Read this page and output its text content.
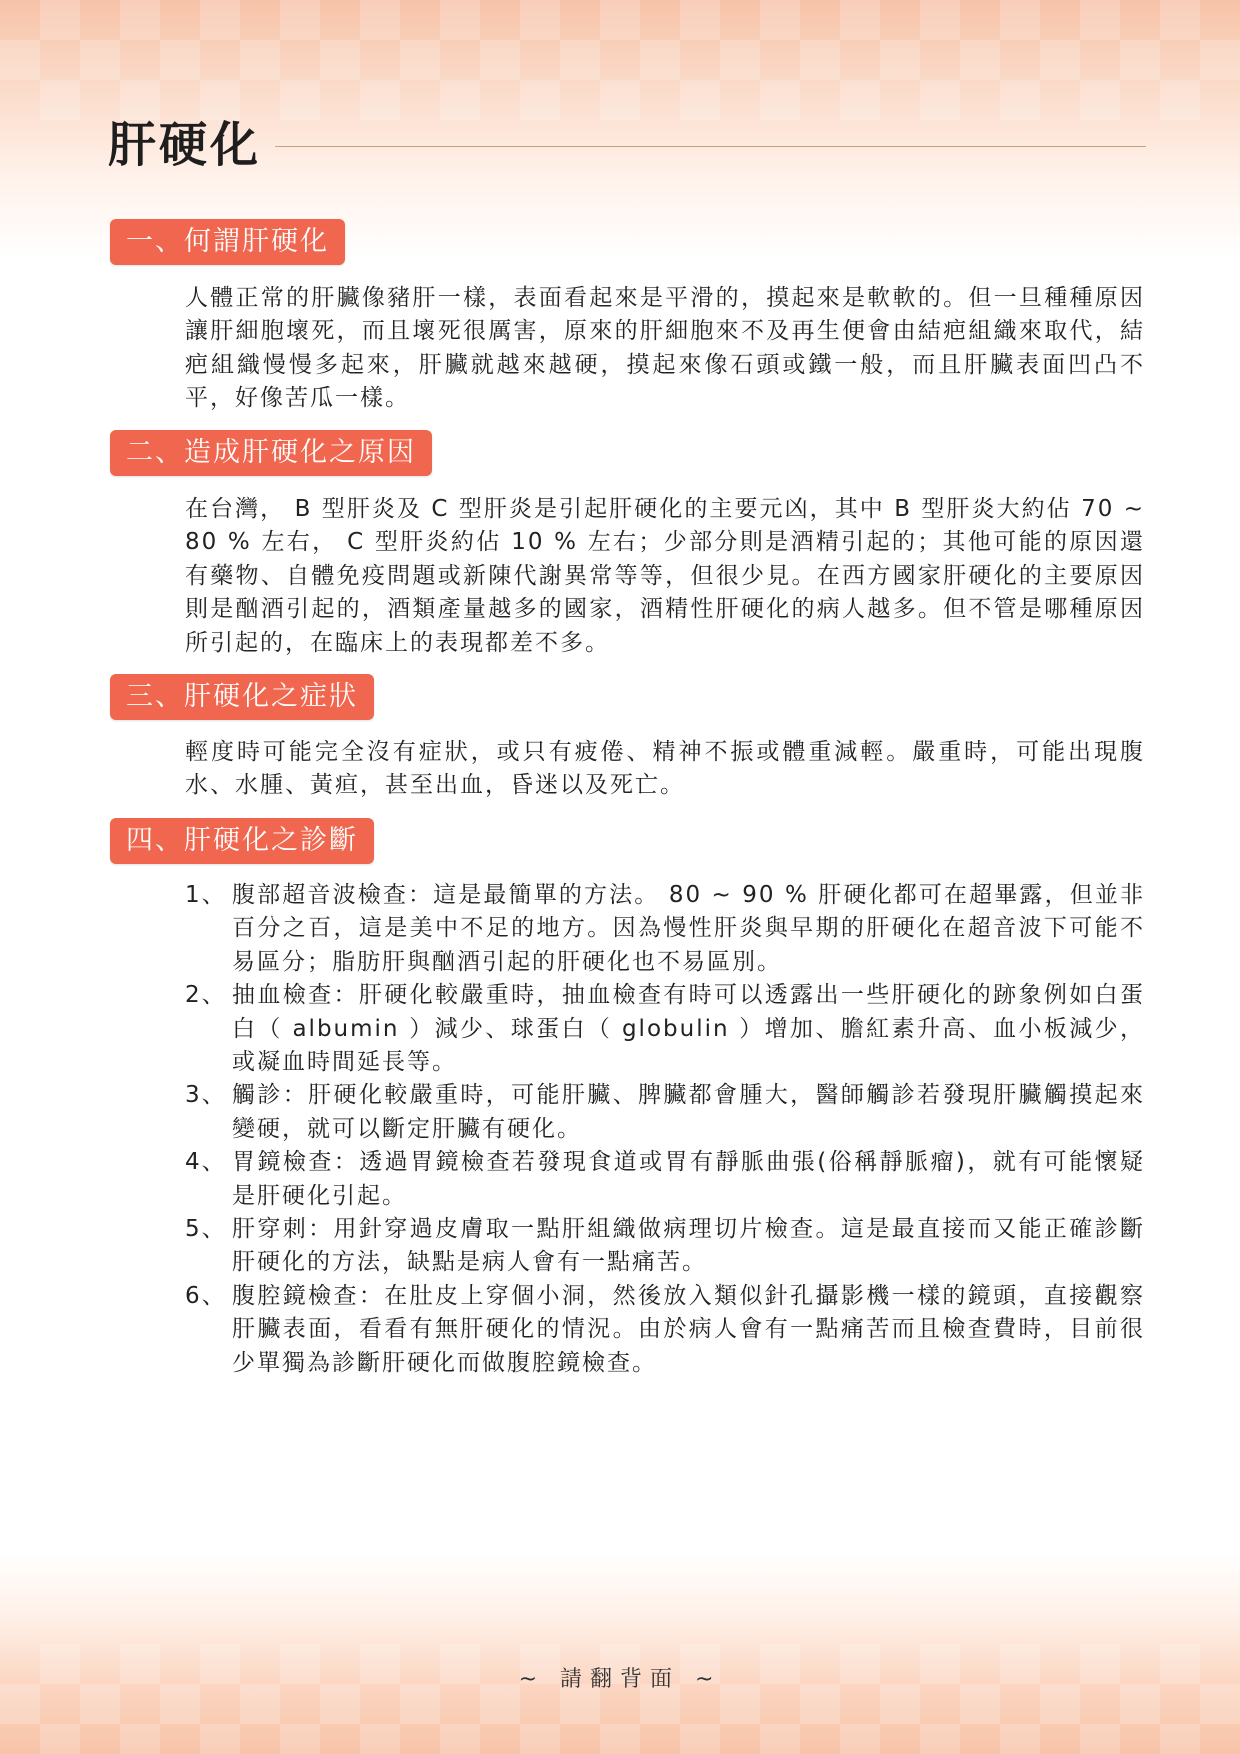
肝硬化
一、何謂肝硬化

人體正常的肝臟像豬肝一樣，表面看起來是平滑的，摸起來是軟軟的。但一旦種種原因讓肝細胞壞死，而且壞死很厲害，原來的肝細胞來不及再生便會由結疤組織來取代，結疤組織慢慢多起來，肝臟就越來越硬，摸起來像石頭或鐵一般，而且肝臟表面凹凸不平，好像苦瓜一樣。

二、造成肝硬化之原因

在台灣， B 型肝炎及 C 型肝炎是引起肝硬化的主要元凶，其中 B 型肝炎大約佔 70 ~ 80 % 左右， C 型肝炎約佔 10 % 左右；少部分則是酒精引起的；其他可能的原因還有藥物、自體免疫問題或新陳代謝異常等等，但很少見。在西方國家肝硬化的主要原因則是酗酒引起的，酒類產量越多的國家，酒精性肝硬化的病人越多。但不管是哪種原因所引起的，在臨床上的表現都差不多。

三、肝硬化之症狀

輕度時可能完全沒有症狀，或只有疲倦、精神不振或體重減輕。嚴重時，可能出現腹水、水腫、黃疸，甚至出血，昏迷以及死亡。

四、肝硬化之診斷
1、 腹部超音波檢查：這是最簡單的方法。 80 ~ 90 % 肝硬化都可在超畢露，但並非百分之百，這是美中不足的地方。因為慢性肝炎與早期的肝硬化在超音波下可能不易區分；脂肪肝與酗酒引起的肝硬化也不易區別。
2、 抽血檢查：肝硬化較嚴重時，抽血檢查有時可以透露出一些肝硬化的跡象例如白蛋白（ albumin ）減少、球蛋白（ globulin ）增加、膽紅素升高、血小板減少，或凝血時間延長等。
3、 觸診：肝硬化較嚴重時，可能肝臟、脾臟都會腫大，醫師觸診若發現肝臟觸摸起來變硬，就可以斷定肝臟有硬化。
4、 胃鏡檢查：透過胃鏡檢查若發現食道或胃有靜脈曲張(俗稱靜脈瘤)，就有可能懷疑是肝硬化引起。
5、 肝穿刺：用針穿過皮膚取一點肝組織做病理切片檢查。這是最直接而又能正確診斷肝硬化的方法，缺點是病人會有一點痛苦。
6、 腹腔鏡檢查：在肚皮上穿個小洞，然後放入類似針孔攝影機一樣的鏡頭，直接觀察肝臟表面，看看有無肝硬化的情況。由於病人會有一點痛苦而且檢查費時，目前很少單獨為診斷肝硬化而做腹腔鏡檢查。
~ 請翻背面 ~
